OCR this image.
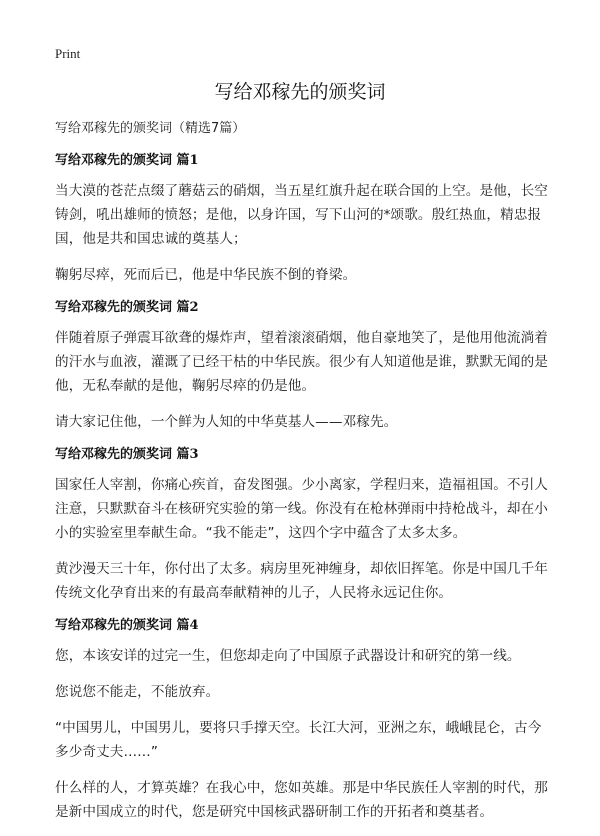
Print
写给邓稼先的颁奖词
写给邓稼先的颁奖词（精选7篇）
写给邓稼先的颁奖词 篇1

当大漠的苍茫点缀了蘑菇云的硝烟，当五星红旗升起在联合国的上空。是他，长空铸剑，吼出雄师的愤怒；是他，以身许国，写下山河的*颂歌。殷红热血，精忠报国，他是共和国忠诚的奠基人；

鞠躬尽瘁，死而后已，他是中华民族不倒的脊梁。

写给邓稼先的颁奖词 篇2

伴随着原子弹震耳欲聋的爆炸声，望着滚滚硝烟，他自豪地笑了，是他用他流淌着的汗水与血液，灌溉了已经干枯的中华民族。很少有人知道他是谁，默默无闻的是他，无私奉献的是他，鞠躬尽瘁的仍是他。

请大家记住他，一个鲜为人知的中华莫基人——邓稼先。

写给邓稼先的颁奖词 篇3

国家任人宰割，你痛心疾首，奋发图强。少小离家，学程归来，造福祖国。不引人注意，只默默奋斗在核研究实验的第一线。你没有在枪林弹雨中持枪战斗，却在小小的实验室里奉献生命。“我不能走”，这四个字中蕴含了太多太多。

黄沙漫天三十年，你付出了太多。病房里死神缠身，却依旧挥笔。你是中国几千年传统文化孕育出来的有最高奉献精神的儿子，人民将永远记住你。

写给邓稼先的颁奖词 篇4

您，本该安详的过完一生，但您却走向了中国原子武器设计和研究的第一线。

您说您不能走，不能放弃。

“中国男儿，中国男儿，要将只手撑天空。长江大河，亚洲之东，峨峨昆仑，古今多少奇丈夫……”

什么样的人，才算英雄？在我心中，您如英雄。那是中华民族任人宰割的时代，那是新中国成立的时代，您是研究中国核武器研制工作的开拓者和奠基者。
